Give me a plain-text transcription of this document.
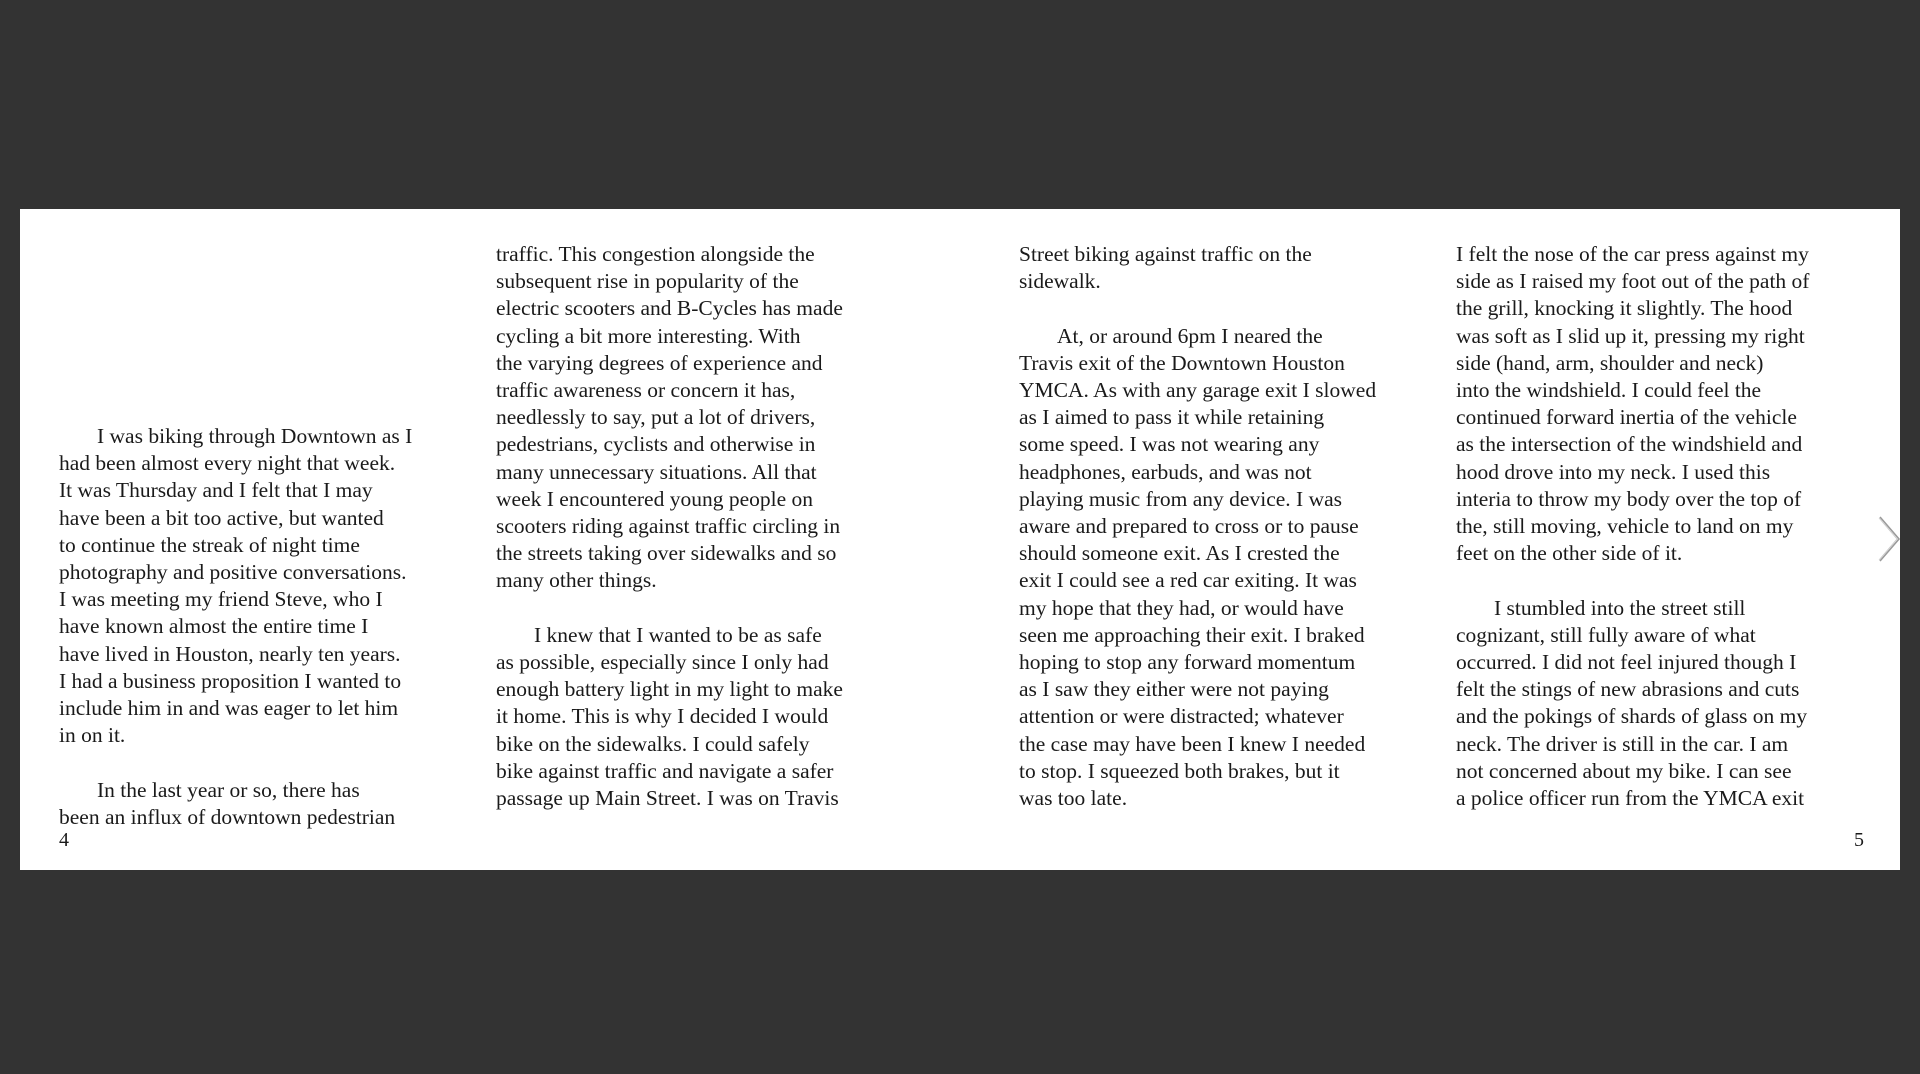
I was biking through Downtown as I
had been almost every night that week.
It was Thursday and I felt that I may
have been a bit too active, but wanted
to continue the streak of night time
photography and positive conversations.
I was meeting my friend Steve, who I
have known almost the entire time I
have lived in Houston, nearly ten years.
I had a business proposition I wanted to
include him in and was eager to let him
in on it.

In the last year or so, there has
been an influx of downtown pedestrian

traffic. This congestion alongside the
subsequent rise in popularity of the
electric scooters and B-Cycles has made
cycling a bit more interesting. With
the varying degrees of experience and
traffic awareness or concern it has,
needlessly to say, put a lot of drivers,
pedestrians, cyclists and otherwise in
many unnecessary situations. All that
week I encountered young people on
scooters riding against traffic circling in
the streets taking over sidewalks and so
many other things.

I knew that I wanted to be as safe
as possible, especially since I only had
enough battery light in my light to make
it home. This is why I decided I would
bike on the sidewalks. I could safely
bike against traffic and navigate a safer
passage up Main Street. I was on Travis

4

Street biking against traffic on the
sidewalk.

At, or around 6pm I neared the
Travis exit of the Downtown Houston
YMCA. As with any garage exit I slowed
as I aimed to pass it while retaining
some speed. I was not wearing any
headphones, earbuds, and was not
playing music from any device. I was
aware and prepared to cross or to pause
should someone exit. As I crested the
exit I could see a red car exiting. It was
my hope that they had, or would have
seen me approaching their exit. I braked
hoping to stop any forward momentum
as I saw they either were not paying
attention or were distracted; whatever
the case may have been I knew I needed
to stop. I squeezed both brakes, but it
was too late.

I felt the nose of the car press against my
side as I raised my foot out of the path of
the grill, knocking it slightly. The hood
was soft as I slid up it, pressing my right
side (hand, arm, shoulder and neck)
into the windshield. I could feel the
continued forward inertia of the vehicle
as the intersection of the windshield and
hood drove into my neck. I used this
interia to throw my body over the top of
the, still moving, vehicle to land on my
feet on the other side of it.

I stumbled into the street still
cognizant, still fully aware of what
occurred. I did not feel injured though I
felt the stings of new abrasions and cuts
and the pokings of shards of glass on my
neck. The driver is still in the car. I am
not concerned about my bike. I can see
a police officer run from the YMCA exit

5
